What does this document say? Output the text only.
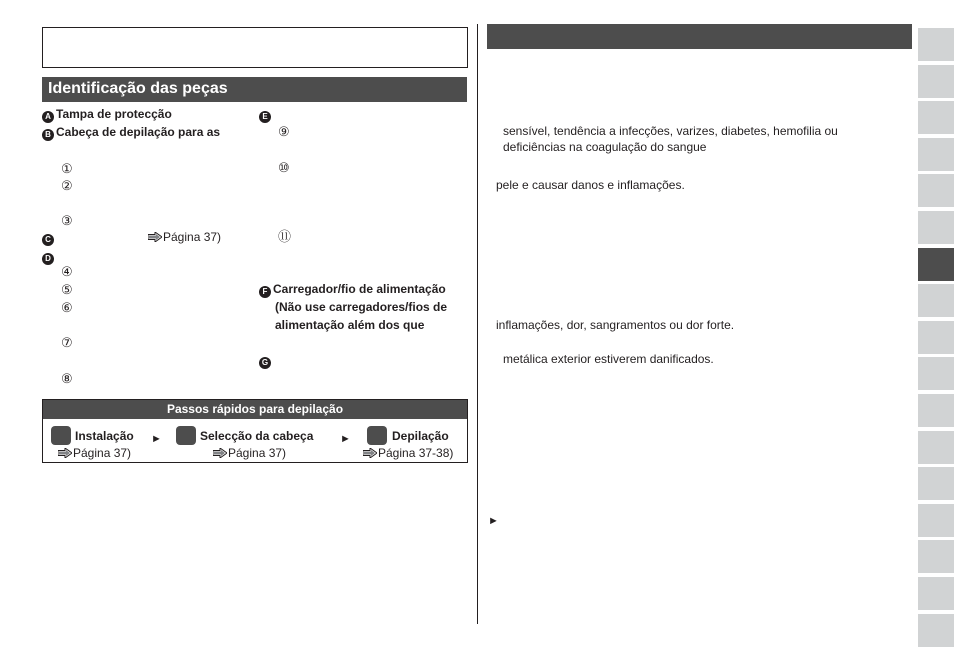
Identificação das peças
A Tampa de protecção
B Cabeça de depilação para as
①
②
③
C	Página 37)
D
④
⑤
⑥
⑦
⑧
E
⑨
⑩
⑪
F Carregador/fio de alimentação
(Não use carregadores/fios de
alimentação além dos que
G
Passos rápidos para depilação
Instalação
Página 37)
►	Selecção da cabeça
Página 37)
►	Depilação
Página 37-38)
sensível, tendência a infecções, varizes, diabetes, hemofilia ou
deficiências na coagulação do sangue
pele e causar danos e inflamações.
inflamações, dor, sangramentos ou dor forte.
metálica exterior estiverem danificados.
►
